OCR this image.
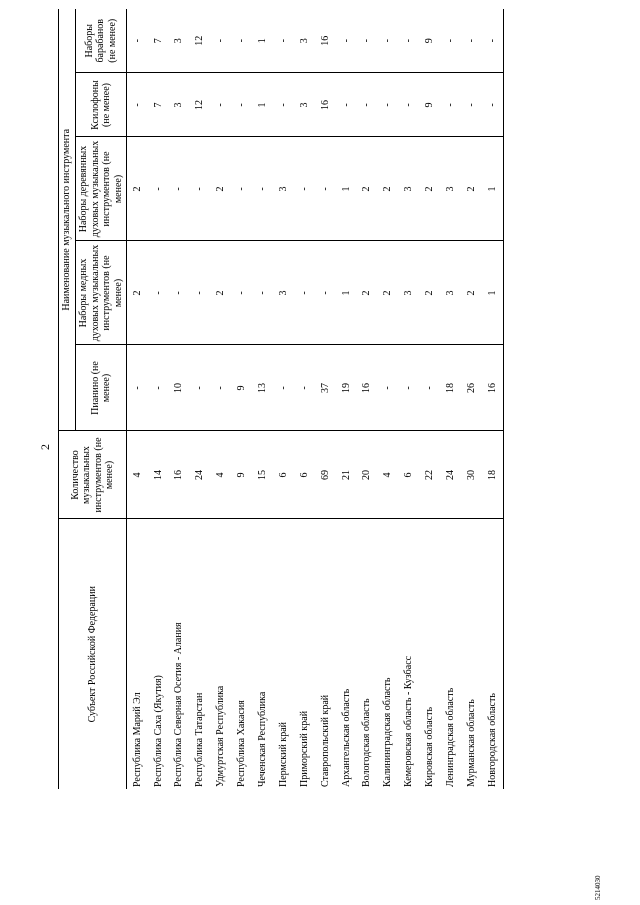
2
Субъект Российской Федерации	Количество музыкальных инструментов (не менее)	Наименование музыкального инструмента				
		Пианино (не менее)	Наборы медных духовых музыкальных инструментов (не менее)	Наборы деревянных духовых музыкальных инструментов (не менее)	Ксилофоны (не менее)	Наборы барабанов (не менее)
Республика Марий Эл	4	-	2	2	-	-
Республика Саха (Якутия)	14	-	-	-	7	7
Республика Северная Осетия - Алания	16	10	-	-	3	3
Республика Татарстан	24	-	-	-	12	12
Удмуртская Республика	4	-	2	2	-	-
Республика Хакасия	9	9	-	-	-	-
Чеченская Республика	15	13	-	-	1	1
Пермский край	6	-	3	3	-	-
Приморский край	6	-	-	-	3	3
Ставропольский край	69	37	-	-	16	16
Архангельская область	21	19	1	1	-	-
Вологодская область	20	16	2	2	-	-
Калининградская область	4	-	2	2	-	-
Кемеровская область - Кузбасс	6	-	3	3	-	-
Кировская область	22	-	2	2	9	9
Ленинградская область	24	18	3	3	-	-
Мурманская область	30	26	2	2	-	-
Новгородская область	18	16	1	1	-	-
5214030
